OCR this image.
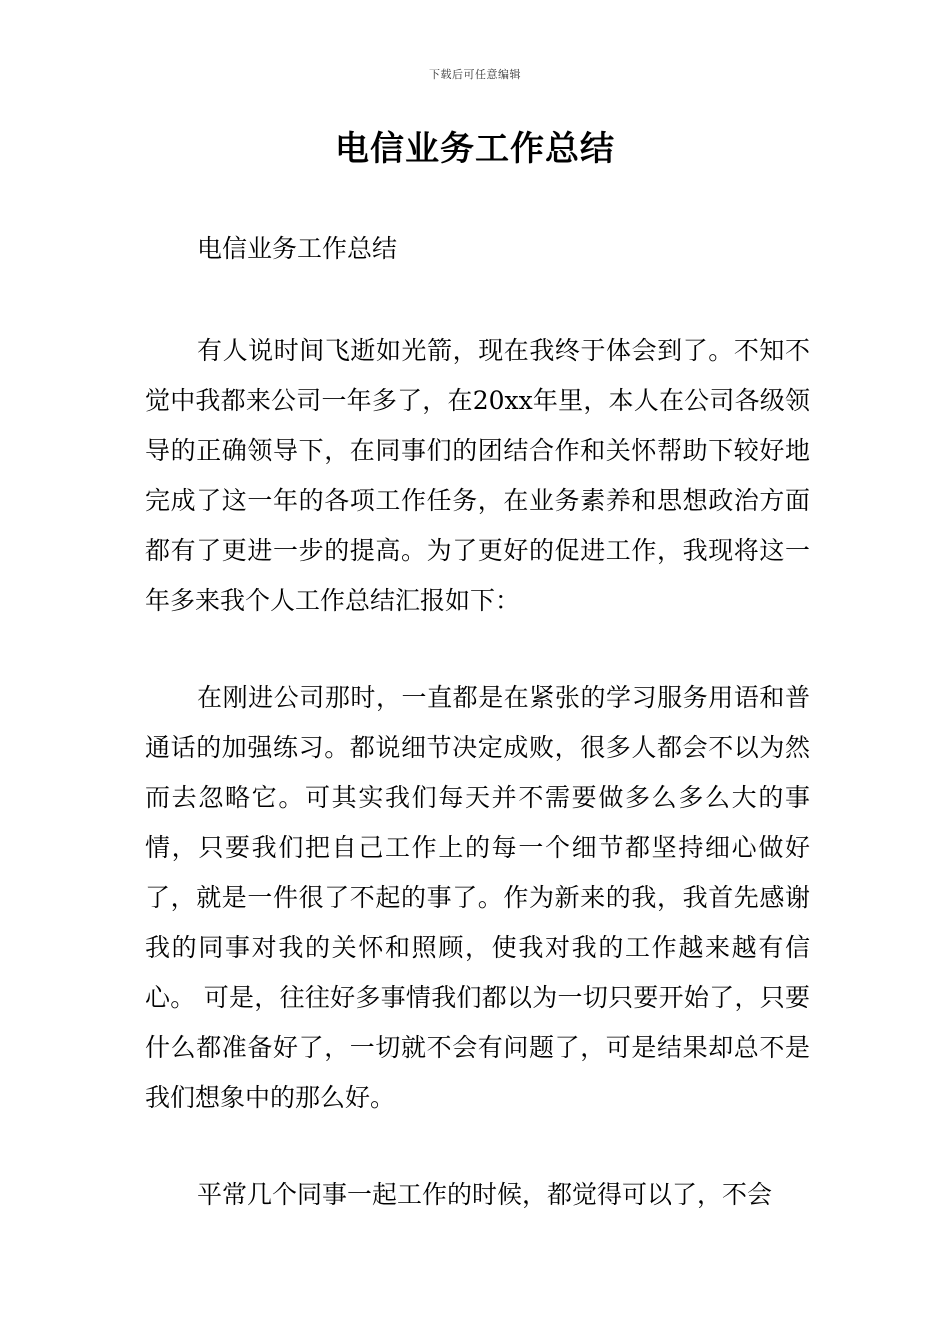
下载后可任意编辑
电信业务工作总结
电信业务工作总结

有人说时间飞逝如光箭，现在我终于体会到了。不知不觉中我都来公司一年多了，在20xx年里，本人在公司各级领导的正确领导下，在同事们的团结合作和关怀帮助下较好地完成了这一年的各项工作任务，在业务素养和思想政治方面都有了更进一步的提高。为了更好的促进工作，我现将这一年多来我个人工作总结汇报如下：

在刚进公司那时，一直都是在紧张的学习服务用语和普通话的加强练习。都说细节决定成败，很多人都会不以为然而去忽略它。可其实我们每天并不需要做多么多么大的事情，只要我们把自己工作上的每一个细节都坚持细心做好了，就是一件很了不起的事了。作为新来的我，我首先感谢我的同事对我的关怀和照顾，使我对我的工作越来越有信心。 可是，往往好多事情我们都以为一切只要开始了，只要什么都准备好了，一切就不会有问题了，可是结果却总不是我们想象中的那么好。

平常几个同事一起工作的时候，都觉得可以了，不会
